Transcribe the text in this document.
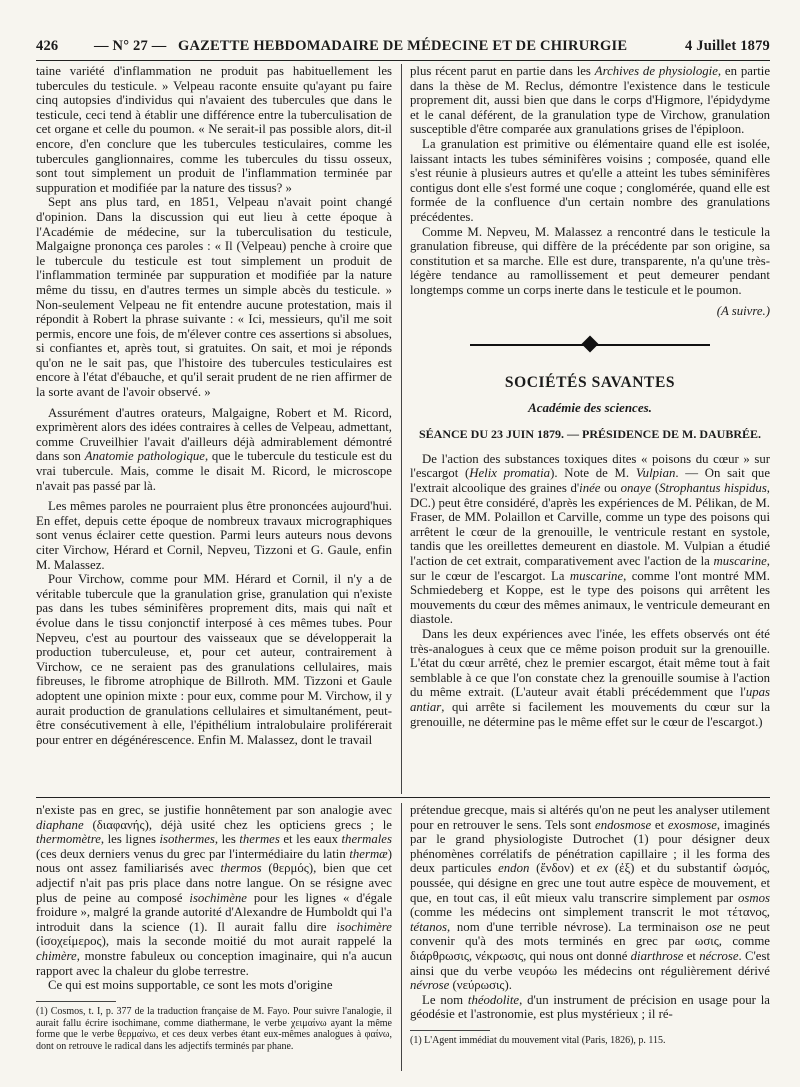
426 — N° 27 — GAZETTE HEBDOMADAIRE DE MÉDECINE ET DE CHIRURGIE	4 Juillet 1879

taine variété d'inflammation ne produit pas habituellement les tubercules du testicule. » Velpeau raconte ensuite qu'ayant pu faire cinq autopsies d'individus qui n'avaient des tubercules que dans le testicule, ceci tend à établir une différence entre la tuberculisation de cet organe et celle du poumon. « Ne serait-il pas possible alors, dit-il encore, d'en conclure que les tubercules testiculaires, comme les tubercules ganglionnaires, comme les tubercules du tissu osseux, sont tout simplement un produit de l'inflammation terminée par suppuration et modifiée par la nature des tissus? »

Sept ans plus tard, en 1851, Velpeau n'avait point changé d'opinion. Dans la discussion qui eut lieu à cette époque à l'Académie de médecine, sur la tuberculisation du testicule, Malgaigne prononça ces paroles : « Il (Velpeau) penche à croire que le tubercule du testicule est tout simplement un produit de l'inflammation terminée par suppuration et modifiée par la nature même du tissu, en d'autres termes un simple abcès du testicule. » Non-seulement Velpeau ne fit entendre aucune protestation, mais il répondit à Robert la phrase suivante : « Ici, messieurs, qu'il me soit permis, encore une fois, de m'élever contre ces assertions si absolues, si confiantes et, après tout, si gratuites. On sait, et moi je réponds qu'on ne le sait pas, que l'histoire des tubercules testiculaires est encore à l'état d'ébauche, et qu'il serait prudent de ne rien affirmer de la sorte avant de l'avoir observé. »

Assurément d'autres orateurs, Malgaigne, Robert et M. Ricord, exprimèrent alors des idées contraires à celles de Velpeau, admettant, comme Cruveilhier l'avait d'ailleurs déjà admirablement démontré dans son Anatomie pathologique, que le tubercule du testicule est du vrai tubercule. Mais, comme le disait M. Ricord, le microscope n'avait pas passé par là.

Les mêmes paroles ne pourraient plus être prononcées aujourd'hui. En effet, depuis cette époque de nombreux travaux micrographiques sont venus éclairer cette question. Parmi leurs auteurs nous devons citer Virchow, Hérard et Cornil, Nepveu, Tizzoni et G. Gaule, enfin M. Malassez.

Pour Virchow, comme pour MM. Hérard et Cornil, il n'y a de véritable tubercule que la granulation grise, granulation qui n'existe pas dans les tubes séminifères proprement dits, mais qui naît et évolue dans le tissu conjonctif interposé à ces mêmes tubes. Pour Nepveu, c'est au pourtour des vaisseaux que se développerait la production tuberculeuse, et, pour cet auteur, contrairement à Virchow, ce ne seraient pas des granulations cellulaires, mais fibreuses, le fibrome atrophique de Billroth. MM. Tizzoni et Gaule adoptent une opinion mixte : pour eux, comme pour M. Virchow, il y aurait production de granulations cellulaires et simultanément, peut-être consécutivement à elle, l'épithélium intralobulaire proliférerait pour entrer en dégénérescence. Enfin M. Malassez, dont le travail

plus récent parut en partie dans les Archives de physiologie, en partie dans la thèse de M. Reclus, démontre l'existence dans le testicule proprement dit, aussi bien que dans le corps d'Higmore, l'épidydyme et le canal déférent, de la granulation type de Virchow, granulation susceptible d'être comparée aux granulations grises de l'épiploon.

La granulation est primitive ou élémentaire quand elle est isolée, laissant intacts les tubes séminifères voisins ; composée, quand elle s'est réunie à plusieurs autres et qu'elle a atteint les tubes séminifères contigus dont elle s'est formé une coque ; conglomérée, quand elle est formée de la confluence d'un certain nombre des granulations précédentes.

Comme M. Nepveu, M. Malassez a rencontré dans le testicule la granulation fibreuse, qui diffère de la précédente par son origine, sa constitution et sa marche. Elle est dure, transparente, n'a qu'une très-légère tendance au ramollissement et peut demeurer pendant longtemps comme un corps inerte dans le testicule et le poumon.

(A suivre.)
SOCIÉTÉS SAVANTES
Académie des sciences.
SÉANCE DU 23 JUIN 1879. — PRÉSIDENCE DE M. DAUBRÉE.

De l'action des substances toxiques dites « poisons du cœur » sur l'escargot (Helix promatia). Note de M. Vulpian. — On sait que l'extrait alcoolique des graines d'inée ou onaye (Strophantus hispidus, DC.) peut être considéré, d'après les expériences de M. Pélikan, de M. Fraser, de MM. Polaillon et Carville, comme un type des poisons qui arrêtent le cœur de la grenouille, le ventricule restant en systole, tandis que les oreillettes demeurent en diastole. M. Vulpian a étudié l'action de cet extrait, comparativement avec l'action de la muscarine, sur le cœur de l'escargot. La muscarine, comme l'ont montré MM. Schmiedeberg et Koppe, est le type des poisons qui arrêtent les mouvements du cœur des mêmes animaux, le ventricule demeurant en diastole.

Dans les deux expériences avec l'inée, les effets observés ont été très-analogues à ceux que ce même poison produit sur la grenouille. L'état du cœur arrêté, chez le premier escargot, était même tout à fait semblable à ce que l'on constate chez la grenouille soumise à l'action du même extrait. (L'auteur avait établi précédemment que l'upas antiar, qui arrête si facilement les mouvements du cœur sur la grenouille, ne détermine pas le même effet sur le cœur de l'escargot.)

n'existe pas en grec, se justifie honnêtement par son analogie avec diaphane (διαφανής), déjà usité chez les opticiens grecs ; le thermomètre, les lignes isothermes, les thermes et les eaux thermales (ces deux derniers venus du grec par l'intermédiaire du latin thermæ) nous ont assez familiarisés avec thermos (θερμός), bien que cet adjectif n'ait pas pris place dans notre langue. On se résigne avec plus de peine au composé isochimène pour les lignes « d'égale froidure », malgré la grande autorité d'Alexandre de Humboldt qui l'a introduit dans la science (1). Il aurait fallu dire isochimère (ἰσοχείμερος), mais la seconde moitié du mot aurait rappelé la chimère, monstre fabuleux ou conception imaginaire, qui n'a aucun rapport avec la chaleur du globe terrestre.

Ce qui est moins supportable, ce sont les mots d'origine

(1) Cosmos, t. I, p. 377 de la traduction française de M. Fayo. Pour suivre l'analogie, il aurait fallu écrire isochimane, comme diathermane, le verbe χειμαίνω ayant la même forme que le verbe θερμαίνω, et ces deux verbes étant eux-mêmes analogues à φαίνω, dont on retrouve le radical dans les adjectifs terminés par phane.

prétendue grecque, mais si altérés qu'on ne peut les analyser utilement pour en retrouver le sens. Tels sont endosmose et exosmose, imaginés par le grand physiologiste Dutrochet (1) pour désigner deux phénomènes corrélatifs de pénétration capillaire ; il les forma des deux particules endon (ἔνδον) et ex (ἐξ) et du substantif ὠσμός, poussée, qui désigne en grec une tout autre espèce de mouvement, et que, en tout cas, il eût mieux valu transcrire simplement par osmos (comme les médecins ont simplement transcrit le mot τέτανος, tétanos, nom d'une terrible névrose). La terminaison ose ne peut convenir qu'à des mots terminés en grec par ωσις, comme διάρθρωσις, νέκρωσις, qui nous ont donné diarthrose et nécrose. C'est ainsi que du verbe νευρόω les médecins ont régulièrement dérivé névrose (νεύρωσις).

Le nom théodolite, d'un instrument de précision en usage pour la géodésie et l'astronomie, est plus mystérieux ; il ré-

(1) L'Agent immédiat du mouvement vital (Paris, 1826), p. 115.
